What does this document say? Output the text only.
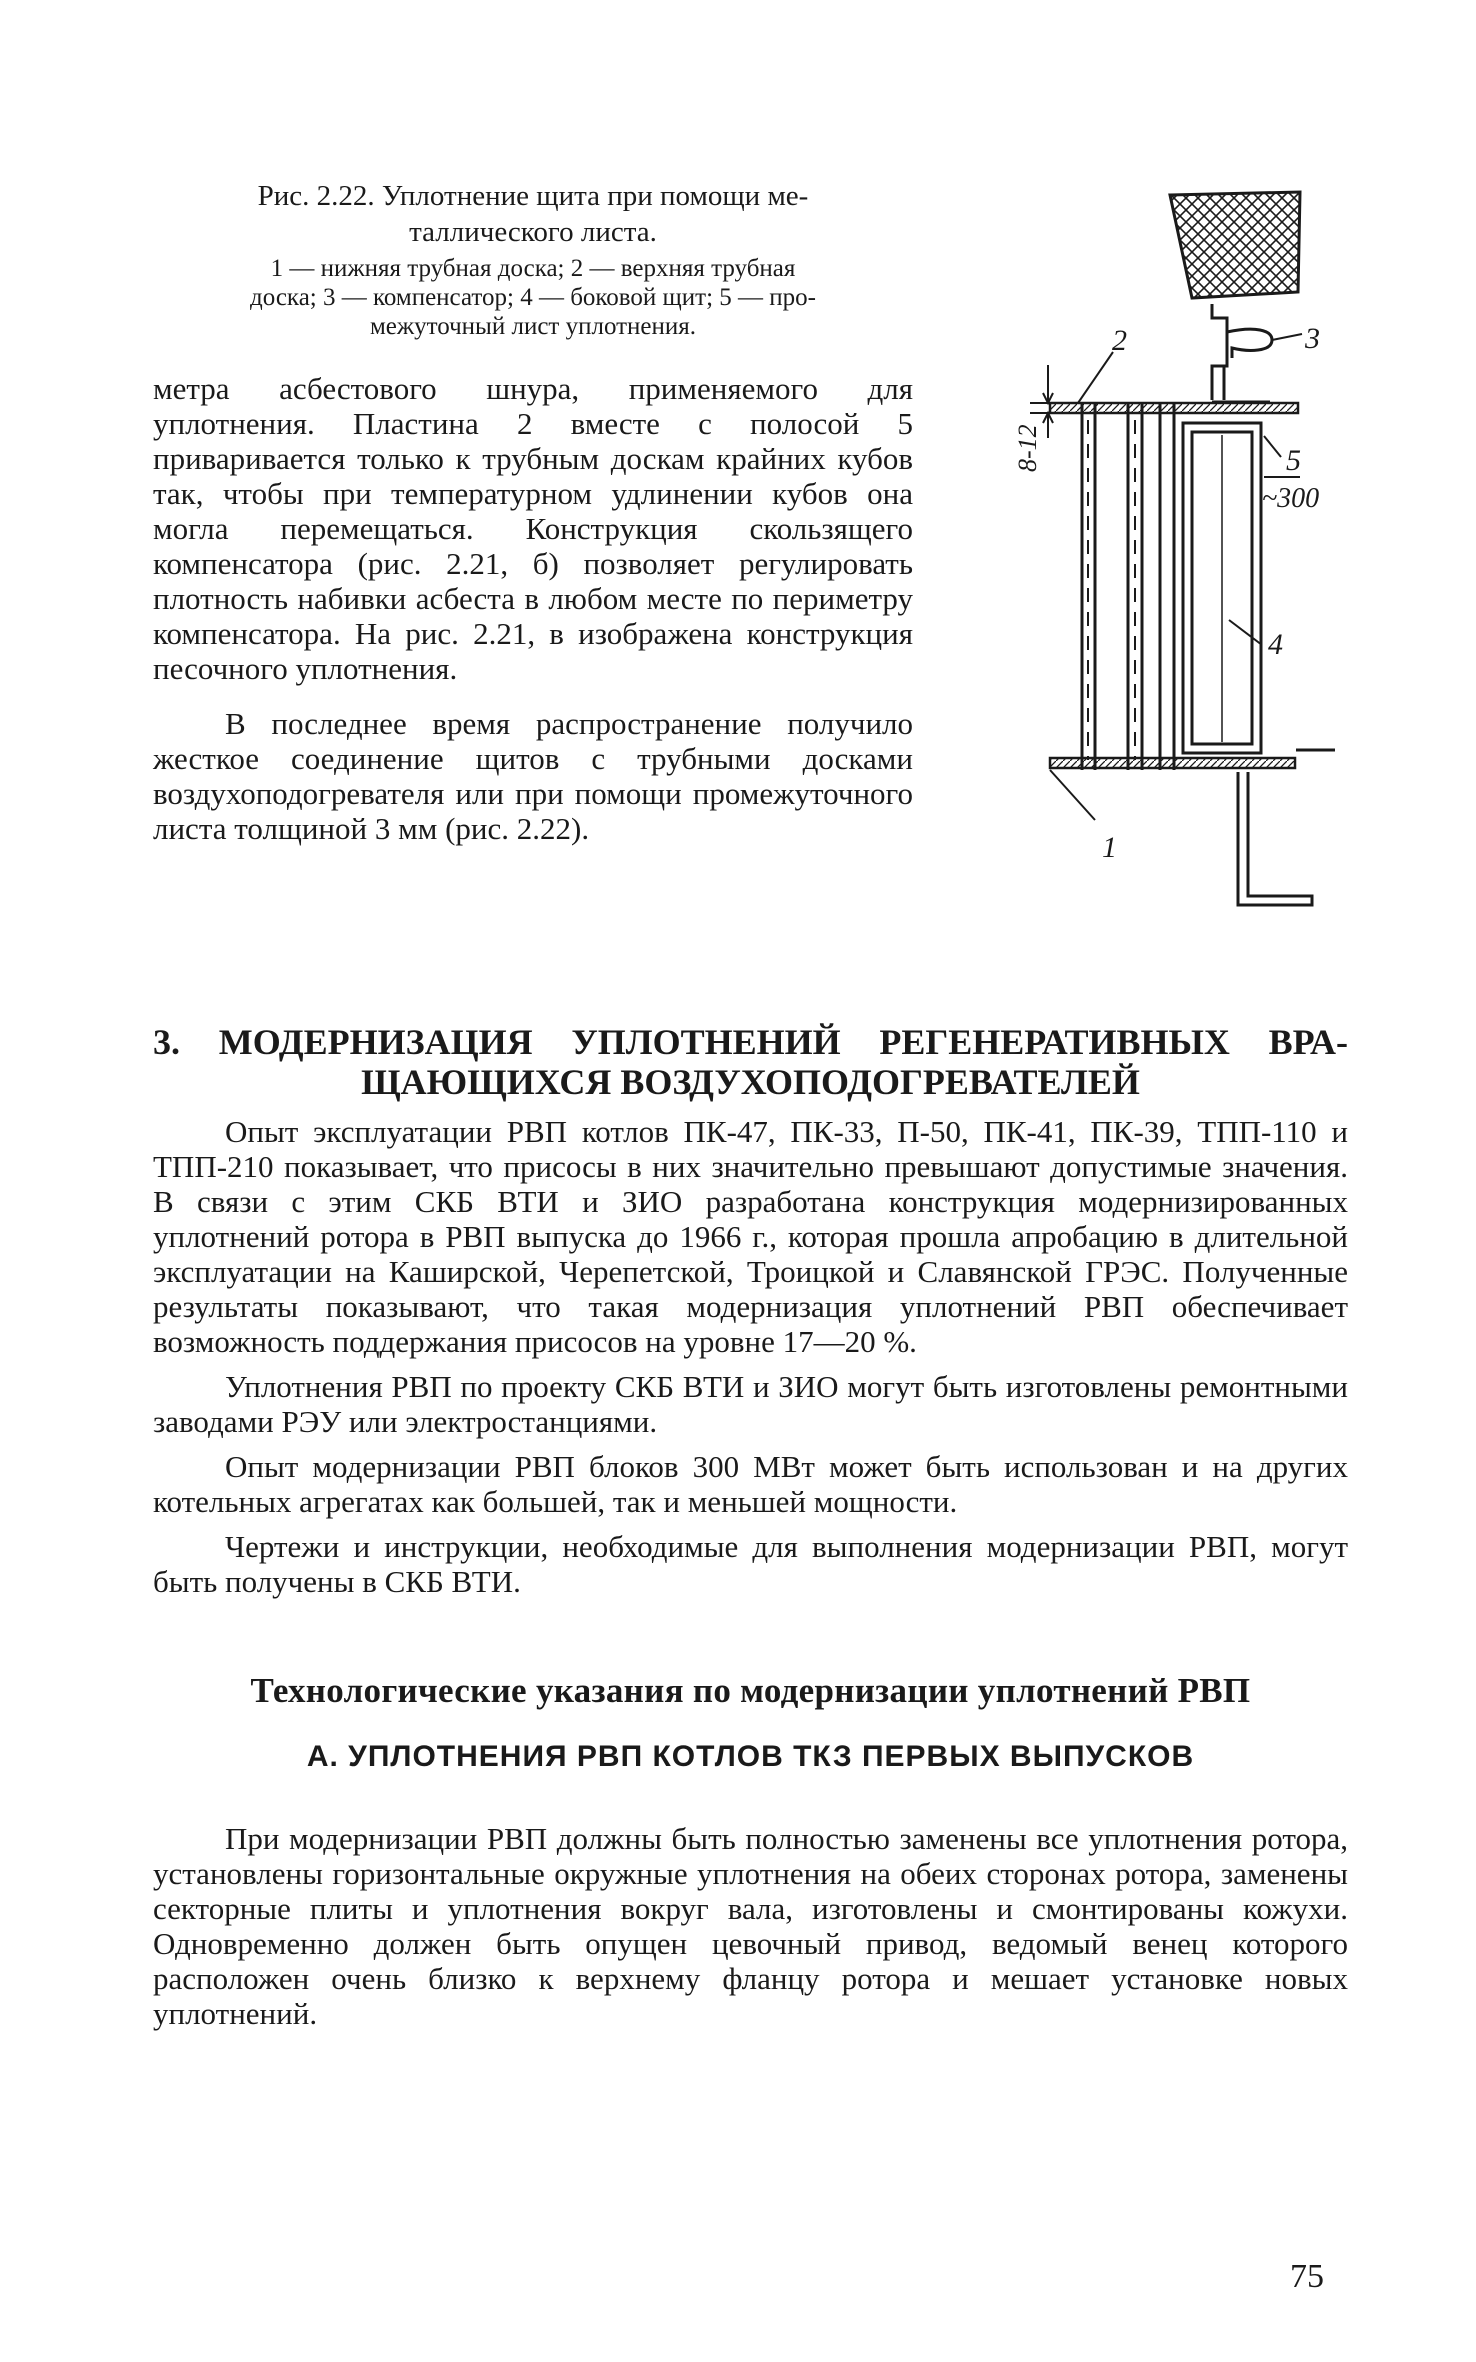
Рис. 2.22. Уплотнение щита при помощи ме-
таллического листа.

1 — нижняя трубная доска; 2 — верхняя трубная
доска; 3 — компенсатор; 4 — боковой щит; 5 — про-
межуточный лист уплотнения.

метра асбестового шнура, применяемого для уплотнения. Пластина 2 вместе с полосой 5 приваривается только к трубным доскам крайних кубов так, чтобы при температурном удлинении кубов она могла перемещаться. Конструкция скользящего компенсатора (рис. 2.21, б) позволяет регулировать плотность набивки асбеста в любом месте по периметру компенсатора. На рис. 2.21, в изображена конструкция песочного уплотнения.

В последнее время распространение получило жесткое соединение щитов с трубными досками воздухоподогревателя или при помощи промежуточного листа толщиной 3 мм (рис. 2.22).

2	3
5
~300
4
1
8-12
3. МОДЕРНИЗАЦИЯ УПЛОТНЕНИЙ РЕГЕНЕРАТИВНЫХ ВРА-
ЩАЮЩИХСЯ ВОЗДУХОПОДОГРЕВАТЕЛЕЙ

Опыт эксплуатации РВП котлов ПК-47, ПК-33, П-50, ПК-41, ПК-39, ТПП-110 и ТПП-210 показывает, что присосы в них значительно превышают допустимые значения. В связи с этим СКБ ВТИ и ЗИО разработана конструкция модернизированных уплотнений ротора в РВП выпуска до 1966 г., которая прошла апробацию в длительной эксплуатации на Каширской, Черепетской, Троицкой и Славянской ГРЭС. Полученные результаты показывают, что такая модернизация уплотнений РВП обеспечивает возможность поддержания присосов на уровне 17—20 %.

Уплотнения РВП по проекту СКБ ВТИ и ЗИО могут быть изготовлены ремонтными заводами РЭУ или электростанциями.

Опыт модернизации РВП блоков 300 МВт может быть использован и на других котельных агрегатах как большей, так и меньшей мощности.

Чертежи и инструкции, необходимые для выполнения модернизации РВП, могут быть получены в СКБ ВТИ.

Технологические указания по модернизации уплотнений РВП
А. УПЛОТНЕНИЯ РВП КОТЛОВ ТКЗ ПЕРВЫХ ВЫПУСКОВ

При модернизации РВП должны быть полностью заменены все уплотнения ротора, установлены горизонтальные окружные уплотнения на обеих сторонах ротора, заменены секторные плиты и уплотнения вокруг вала, изготовлены и смонтированы кожухи. Одновременно должен быть опущен цевочный привод, ведомый венец которого расположен очень близко к верхнему фланцу ротора и мешает установке новых уплотнений.

75
